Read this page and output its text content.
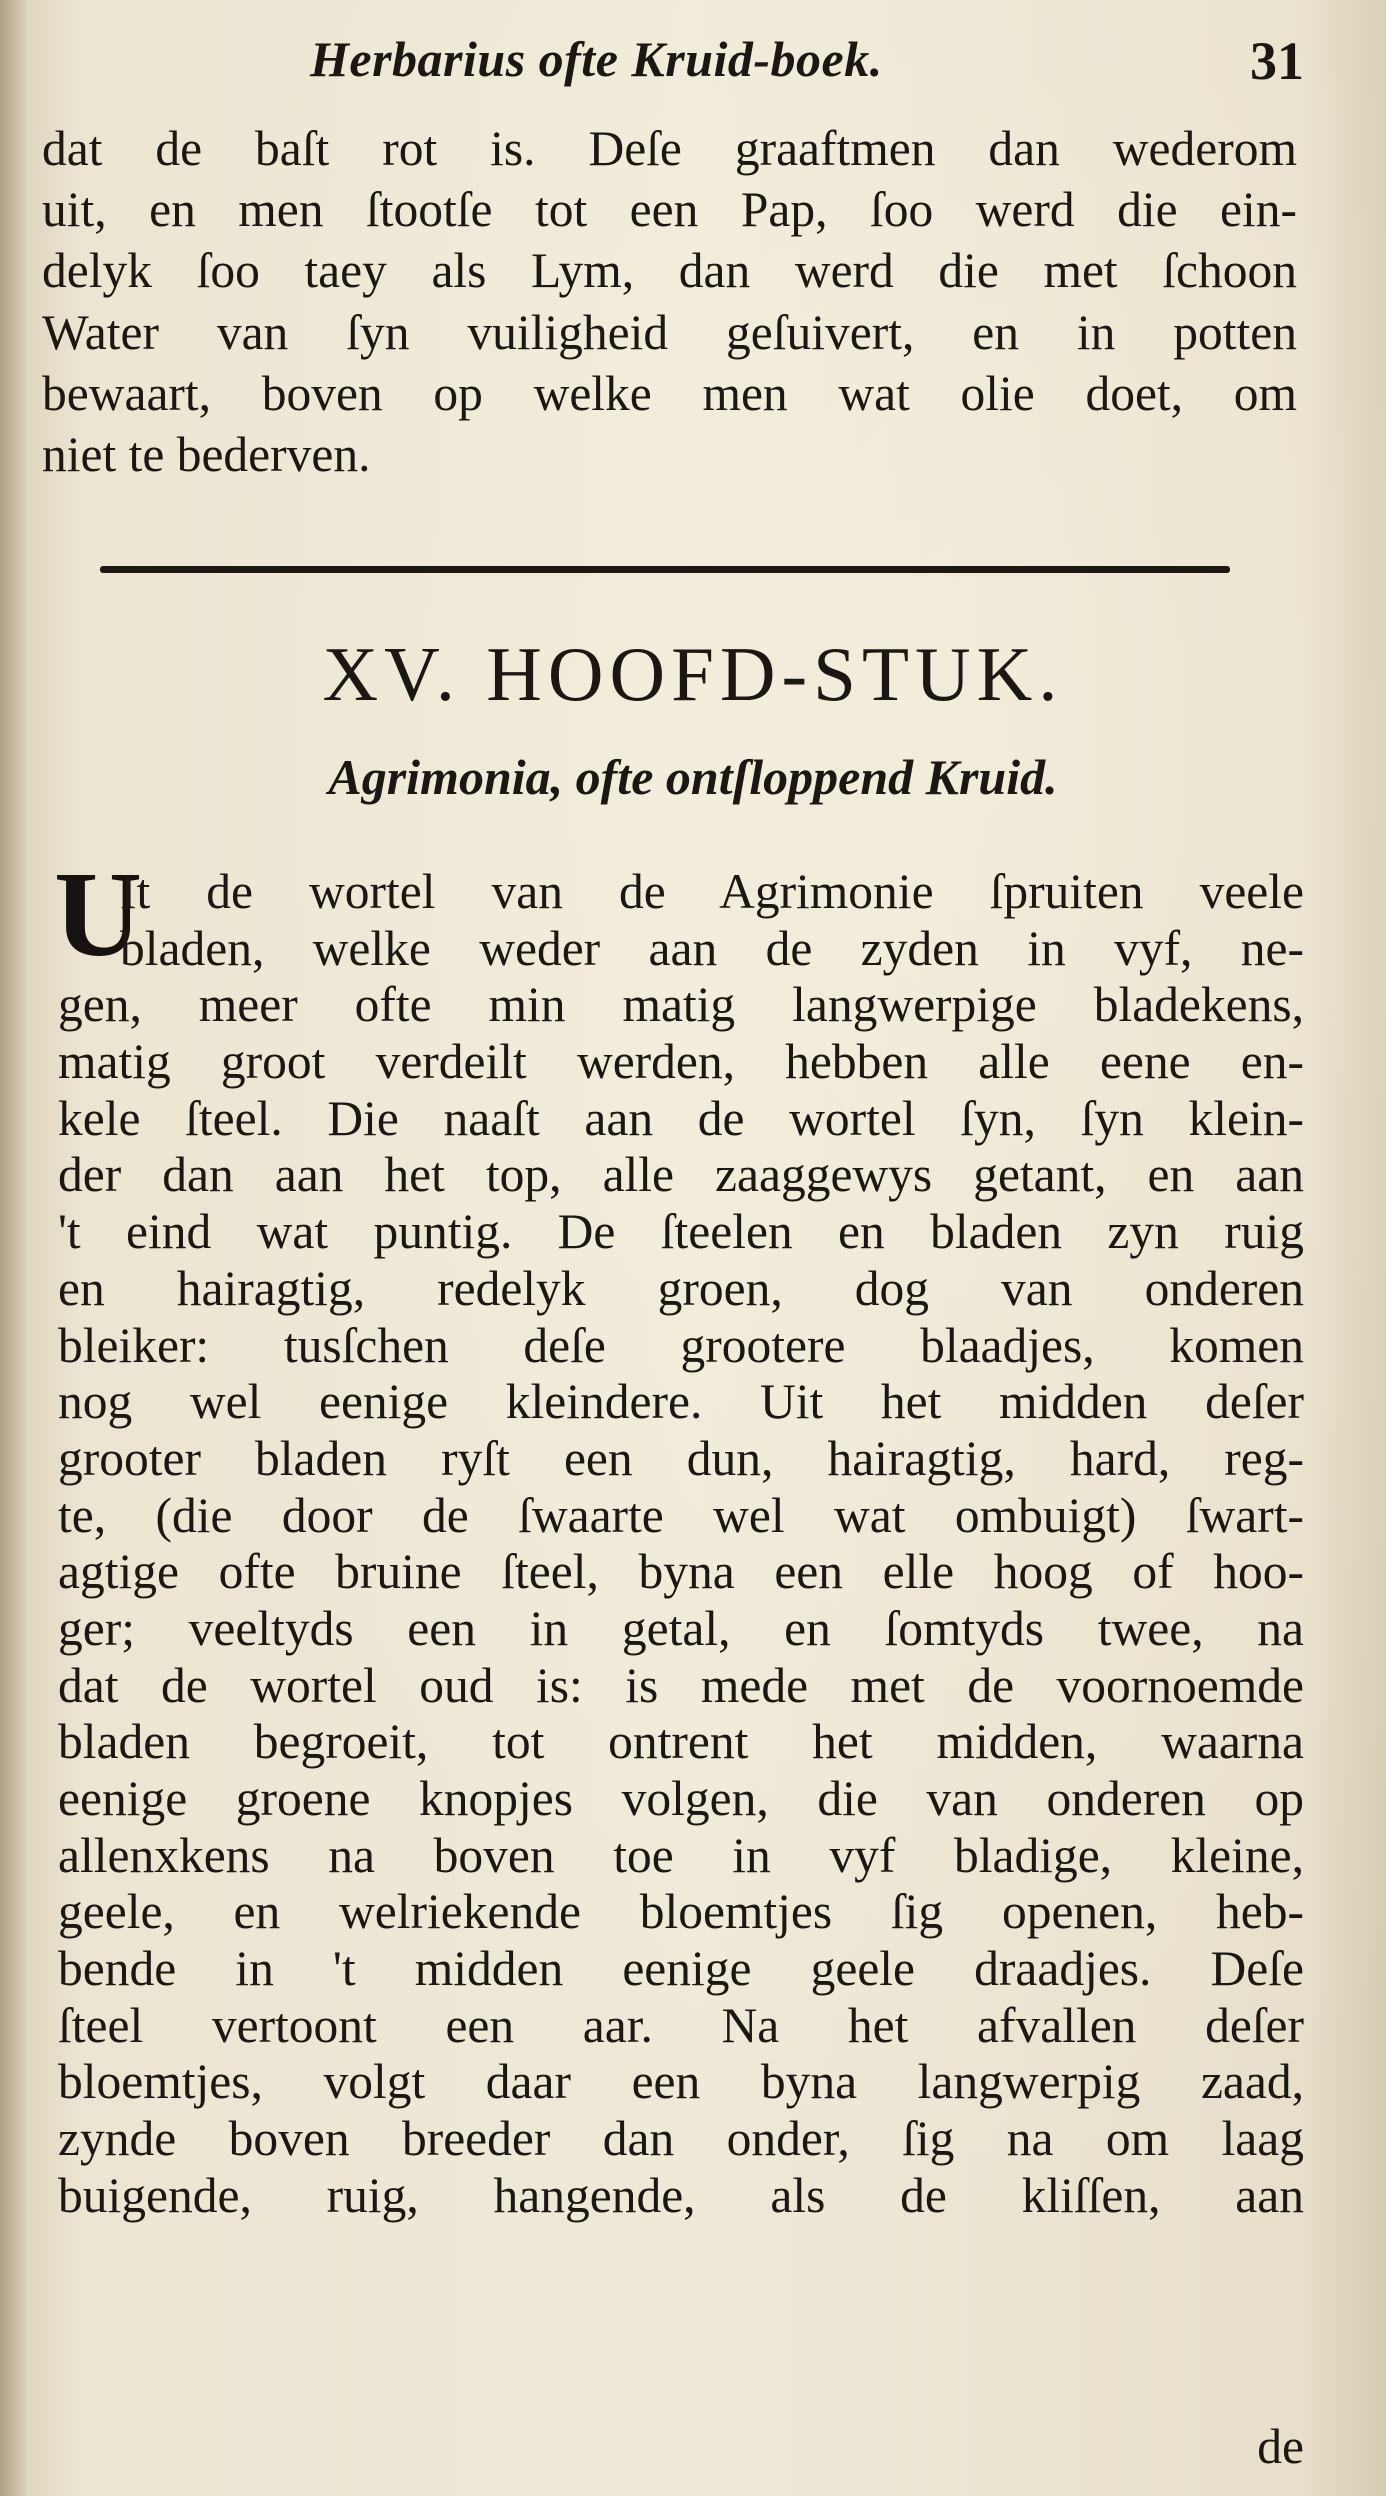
Herbarius ofte Kruid-boek.	31
dat de baſt rot is. Deſe graaftmen dan wederom
uit, en men ſtootſe tot een Pap, ſoo werd die ein-
delyk ſoo taey als Lym, dan werd die met ſchoon
Water van ſyn vuiligheid geſuivert, en in potten
bewaart, boven op welke men wat olie doet, om
niet te bederven.
XV. HOOFD-STUK.
Agrimonia, ofte ontſloppend Kruid.
U
It de wortel van de Agrimonie ſpruiten veele
bladen, welke weder aan de zyden in vyf, ne-
gen, meer ofte min matig langwerpige bladekens,
matig groot verdeilt werden, hebben alle eene en-
kele ſteel. Die naaſt aan de wortel ſyn, ſyn klein-
der dan aan het top, alle zaaggewys getant, en aan
't eind wat puntig. De ſteelen en bladen zyn ruig
en hairagtig, redelyk groen, dog van onderen
bleiker: tusſchen deſe grootere blaadjes, komen
nog wel eenige kleindere. Uit het midden deſer
grooter bladen ryſt een dun, hairagtig, hard, reg-
te, (die door de ſwaarte wel wat ombuigt) ſwart-
agtige ofte bruine ſteel, byna een elle hoog of hoo-
ger; veeltyds een in getal, en ſomtyds twee, na
dat de wortel oud is: is mede met de voornoemde
bladen begroeit, tot ontrent het midden, waarna
eenige groene knopjes volgen, die van onderen op
allenxkens na boven toe in vyf bladige, kleine,
geele, en welriekende bloemtjes ſig openen, heb-
bende in 't midden eenige geele draadjes. Deſe
ſteel vertoont een aar. Na het afvallen deſer
bloemtjes, volgt daar een byna langwerpig zaad,
zynde boven breeder dan onder, ſig na om laag
buigende, ruig, hangende, als de kliſſen, aan
de
